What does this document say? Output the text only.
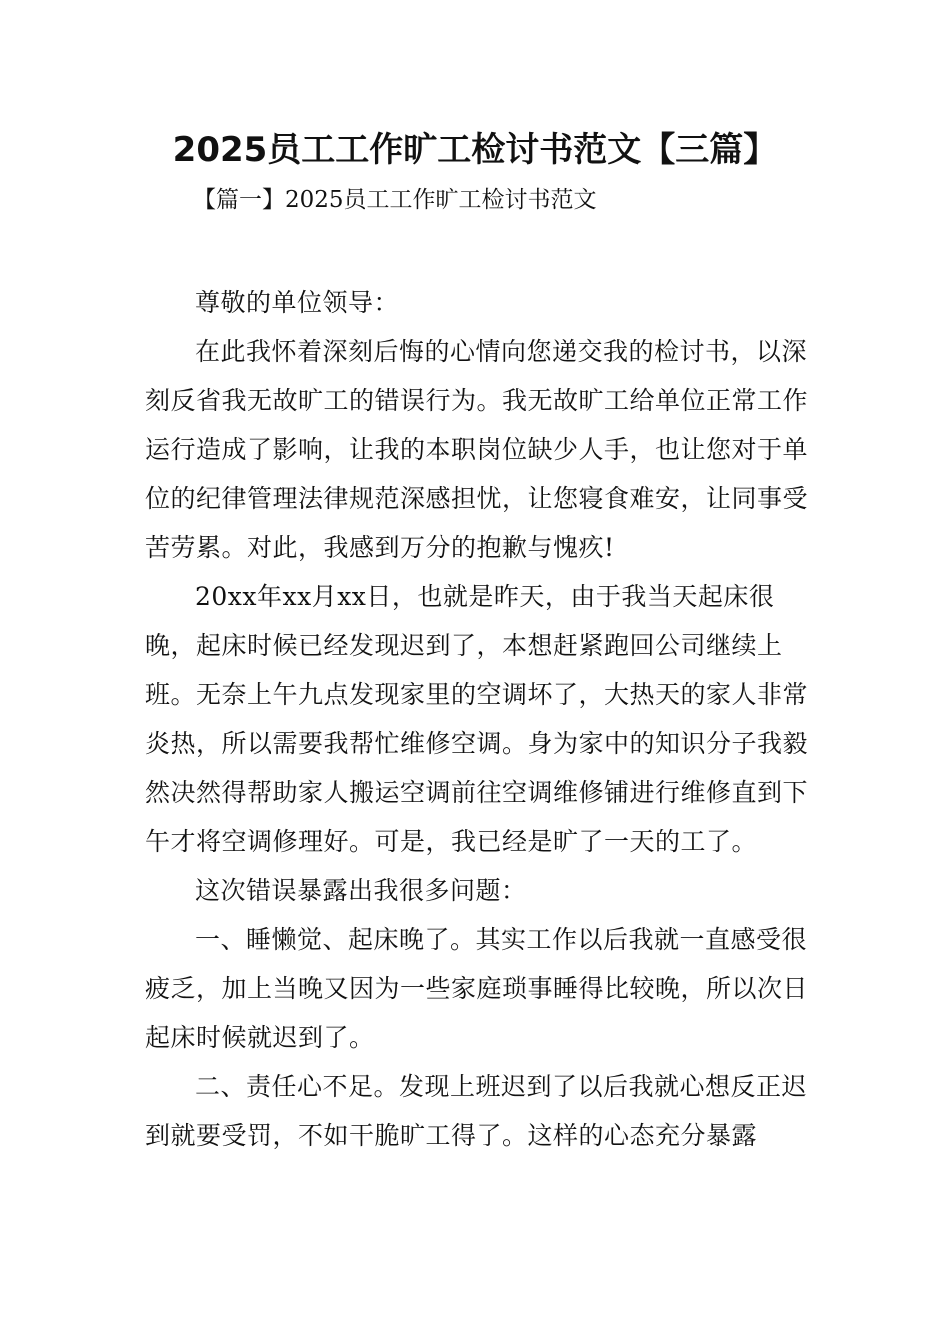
2025员工工作旷工检讨书范文【三篇】
【篇一】2025员工工作旷工检讨书范文

尊敬的单位领导：

在此我怀着深刻后悔的心情向您递交我的检讨书，以深刻反省我无故旷工的错误行为。我无故旷工给单位正常工作运行造成了影响，让我的本职岗位缺少人手，也让您对于单位的纪律管理法律规范深感担忧，让您寝食难安，让同事受苦劳累。对此，我感到万分的抱歉与愧疚!

20xx年xx月xx日，也就是昨天，由于我当天起床很晚，起床时候已经发现迟到了，本想赶紧跑回公司继续上班。无奈上午九点发现家里的空调坏了，大热天的家人非常炎热，所以需要我帮忙维修空调。身为家中的知识分子我毅然决然得帮助家人搬运空调前往空调维修铺进行维修直到下午才将空调修理好。可是，我已经是旷了一天的工了。

这次错误暴露出我很多问题：

一、睡懒觉、起床晚了。其实工作以后我就一直感受很疲乏，加上当晚又因为一些家庭琐事睡得比较晚，所以次日起床时候就迟到了。

二、责任心不足。发现上班迟到了以后我就心想反正迟到就要受罚，不如干脆旷工得了。这样的心态充分暴露
